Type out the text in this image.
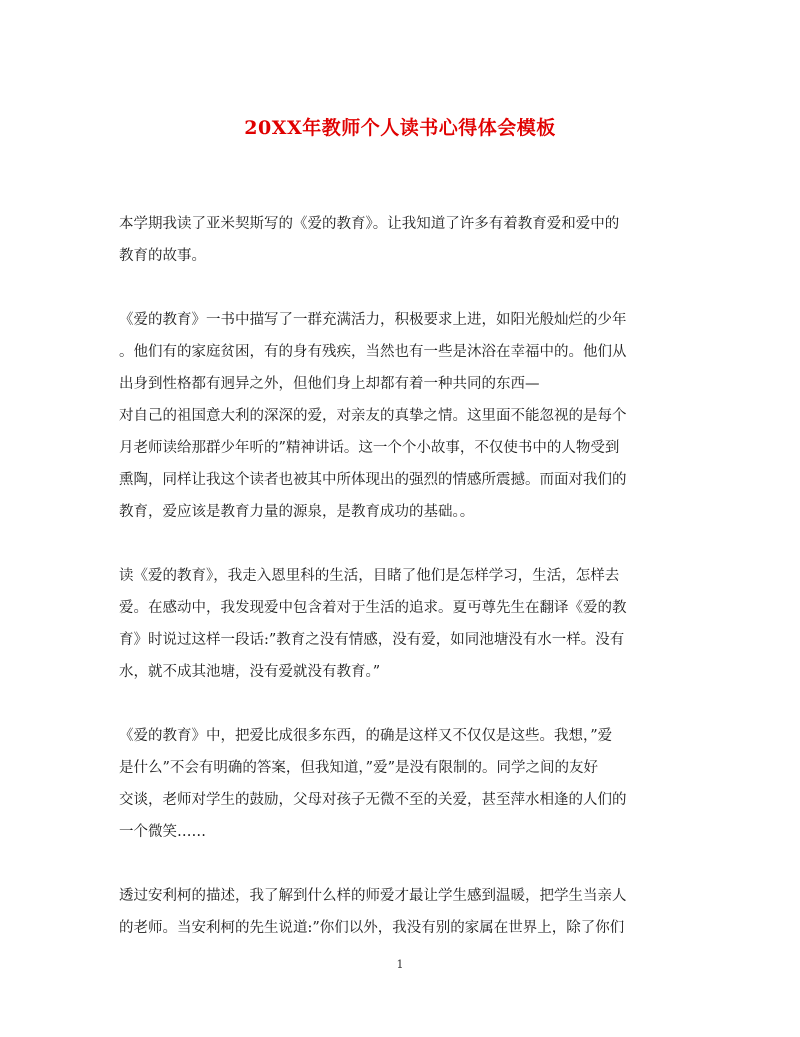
20XX年教师个人读书心得体会模板
本学期我读了亚米契斯写的《爱的教育》。让我知道了许多有着教育爱和爱中的
教育的故事。
《爱的教育》一书中描写了一群充满活力，积极要求上进，如阳光般灿烂的少年
。他们有的家庭贫困，有的身有残疾，当然也有一些是沐浴在幸福中的。他们从
出身到性格都有迥异之外，但他们身上却都有着一种共同的东西—
对自己的祖国意大利的深深的爱，对亲友的真挚之情。这里面不能忽视的是每个
月老师读给那群少年听的”精神讲话。这一个个小故事，不仅使书中的人物受到
熏陶，同样让我这个读者也被其中所体现出的强烈的情感所震撼。而面对我们的
教育，爱应该是教育力量的源泉，是教育成功的基础。。
读《爱的教育》，我走入恩里科的生活，目睹了他们是怎样学习，生活，怎样去
爱。在感动中，我发现爱中包含着对于生活的追求。夏丏尊先生在翻译《爱的教
育》时说过这样一段话:”教育之没有情感，没有爱，如同池塘没有水一样。没有
水，就不成其池塘，没有爱就没有教育。”
《爱的教育》中，把爱比成很多东西，的确是这样又不仅仅是这些。我想，”爱
是什么”不会有明确的答案，但我知道，”爱”是没有限制的。同学之间的友好
交谈，老师对学生的鼓励，父母对孩子无微不至的关爱，甚至萍水相逢的人们的
一个微笑……
透过安利柯的描述，我了解到什么样的师爱才最让学生感到温暖，把学生当亲人
的老师。当安利柯的先生说道:”你们以外，我没有别的家属在世界上，除了你们
1
